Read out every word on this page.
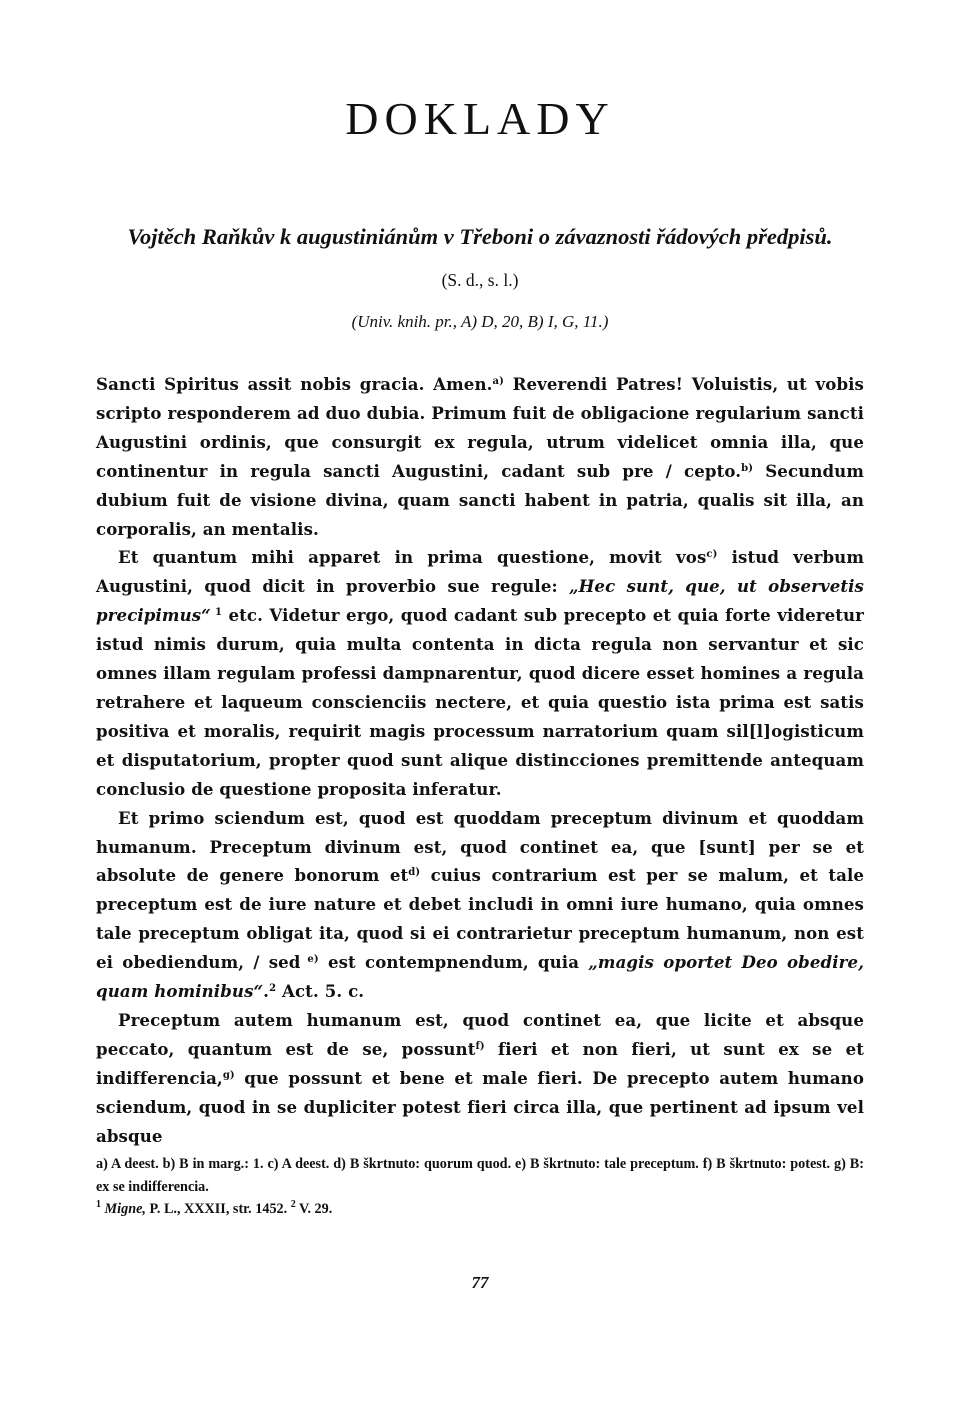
DOKLADY
Vojtěch Raňkův k augustiniánům v Třeboni o závaznosti řádových předpisů.
(S. d., s. l.)
(Univ. knih. pr., A) D, 20, B) I, G, 11.)

Sancti Spiritus assit nobis gracia. Amen.$^{a)}$ Reverendi Patres! Voluistis, ut vobis scripto responderem ad duo dubia. Primum fuit de obligacione regularium sancti Augustini ordinis, que consurgit ex regula, utrum videlicet omnia illa, que continentur in regula sancti Augustini, cadant sub pre / cepto.$^{b)}$ Secundum dubium fuit de visione divina, quam sancti habent in patria, qualis sit illa, an corporalis, an mentalis.

Et quantum mihi apparet in prima questione, movit vos$^{c)}$ istud verbum Augustini, quod dicit in proverbio sue regule: „Hec sunt, que, ut observetis precipimus“ $^1$ etc. Videtur ergo, quod cadant sub precepto et quia forte videretur istud nimis durum, quia multa contenta in dicta regula non servantur et sic omnes illam regulam professi dampnarentur, quod dicere esset homines a regula retrahere et laqueum conscienciis nectere, et quia questio ista prima est satis positiva et moralis, requirit magis processum narratorium quam sil[l]ogisticum et disputatorium, propter quod sunt alique distincciones premittende antequam conclusio de questione proposita inferatur.

Et primo sciendum est, quod est quoddam preceptum divinum et quoddam humanum. Preceptum divinum est, quod continet ea, que [sunt] per se et absolute de genere bonorum $et^{d)}$ cuius contrarium est per se malum, et tale preceptum est de iure nature et debet includi in omni iure humano, quia omnes tale preceptum obligat ita, quod si ei contrarietur preceptum humanum, non est ei obediendum, / sed $^{e)}$ est contempnendum, quia „magis oportet Deo obedire, quam hominibus“.$^2$ Act. 5. c.

Preceptum autem humanum est, quod continet ea, que licite et absque peccato, quantum est de se, possunt$^{f)}$ fieri et non fieri, ut sunt ex se et indifferencia,$^{g)}$ que possunt et bene et male fieri. De precepto autem humano sciendum, quod in se dupliciter potest fieri circa illa, que pertinent ad ipsum vel absque

a) A deest. b) B in marg.: 1. c) A deest. d) B škrtnuto: quorum quod. e) B škrtnuto: tale preceptum. f) B škrtnuto: potest. g) B: ex se indifferencia.

$^1$ Migne, P. L., XXXII, str. 1452. $^2$ V. 29.

77
